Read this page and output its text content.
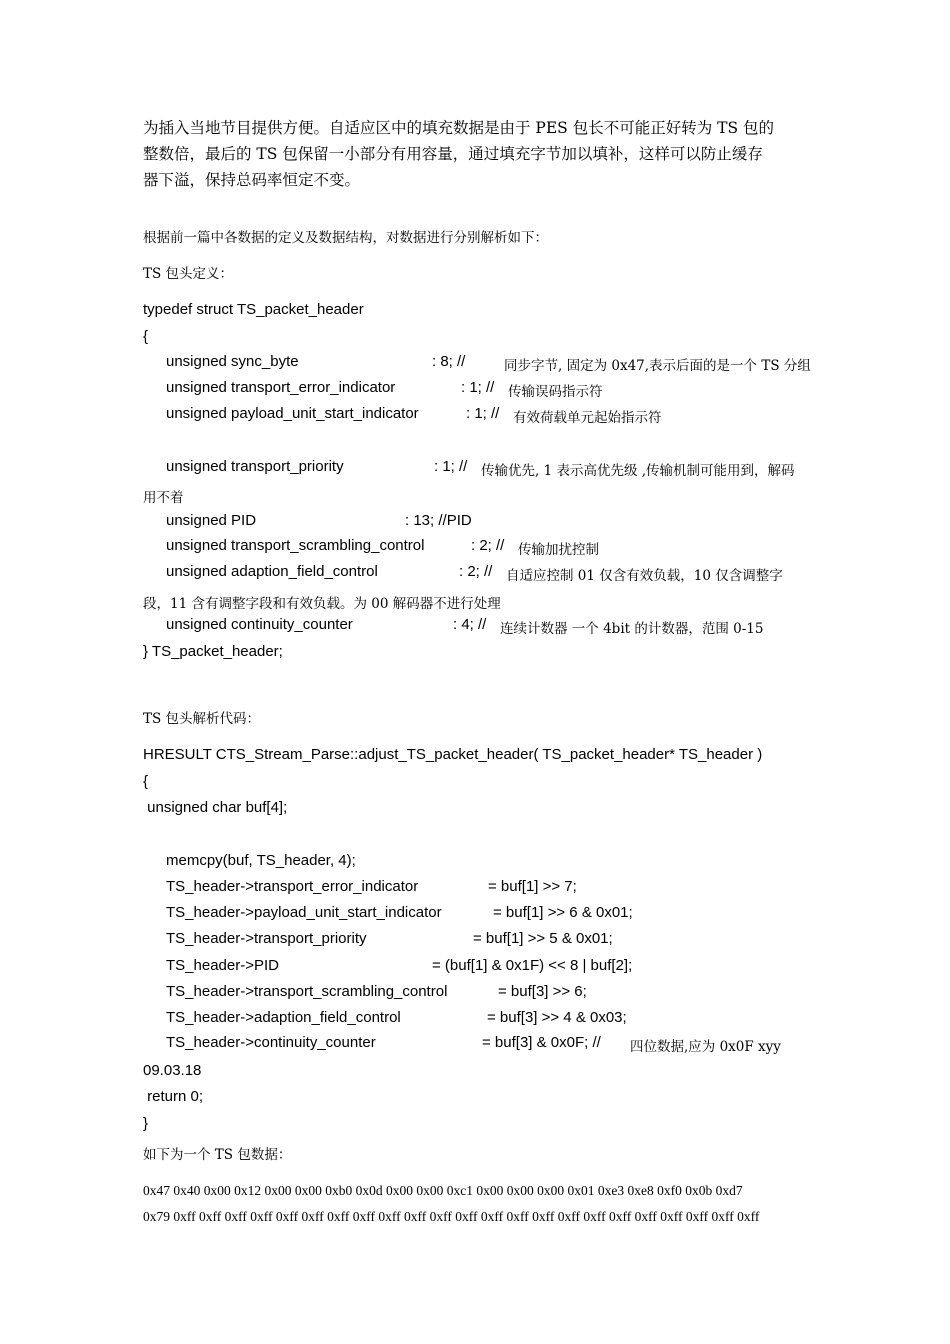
为插入当地节目提供方便。自适应区中的填充数据是由于 PES 包长不可能正好转为 TS 包的
整数倍，最后的 TS 包保留一小部分有用容量，通过填充字节加以填补，这样可以防止缓存
器下溢，保持总码率恒定不变。
根据前一篇中各数据的定义及数据结构，对数据进行分别解析如下：
TS 包头定义：
typedef struct TS_packet_header
{
unsigned sync_byte	: 8; //	同步字节, 固定为 0x47,表示后面的是一个 TS 分组
unsigned transport_error_indicator	: 1; // 传输误码指示符
unsigned payload_unit_start_indicator	: 1; // 有效荷载单元起始指示符
unsigned transport_priority	: 1; // 传输优先, 1 表示高优先级 ,传输机制可能用到，解码
用不着
unsigned PID	: 13; //PID
unsigned transport_scrambling_control	: 2; // 传输加扰控制
unsigned adaption_field_control	: 2; // 自适应控制 01 仅含有效负载，10 仅含调整字
段，11 含有调整字段和有效负载。为 00 解码器不进行处理
unsigned continuity_counter	: 4; // 连续计数器 一个 4bit 的计数器，范围 0-15
} TS_packet_header;
TS 包头解析代码：
HRESULT CTS_Stream_Parse::adjust_TS_packet_header( TS_packet_header* TS_header )
{
unsigned char buf[4];
memcpy(buf, TS_header, 4);
TS_header->transport_error_indicator	= buf[1] >> 7;
TS_header->payload_unit_start_indicator	= buf[1] >> 6 & 0x01;
TS_header->transport_priority	= buf[1] >> 5 & 0x01;
TS_header->PID	= (buf[1] & 0x1F) << 8 | buf[2];
TS_header->transport_scrambling_control	= buf[3] >> 6;
TS_header->adaption_field_control	= buf[3] >> 4 & 0x03;
TS_header->continuity_counter	= buf[3] & 0x0F; // 四位数据,应为 0x0F xyy
09.03.18
return 0;
}
如下为一个 TS 包数据：
0x47 0x40 0x00 0x12 0x00 0x00 0xb0 0x0d 0x00 0x00 0xc1 0x00 0x00 0x00 0x01 0xe3 0xe8 0xf0 0x0b 0xd7
0x79 0xff 0xff 0xff 0xff 0xff 0xff 0xff 0xff 0xff 0xff 0xff 0xff 0xff 0xff 0xff 0xff 0xff 0xff 0xff 0xff 0xff 0xff 0xff
